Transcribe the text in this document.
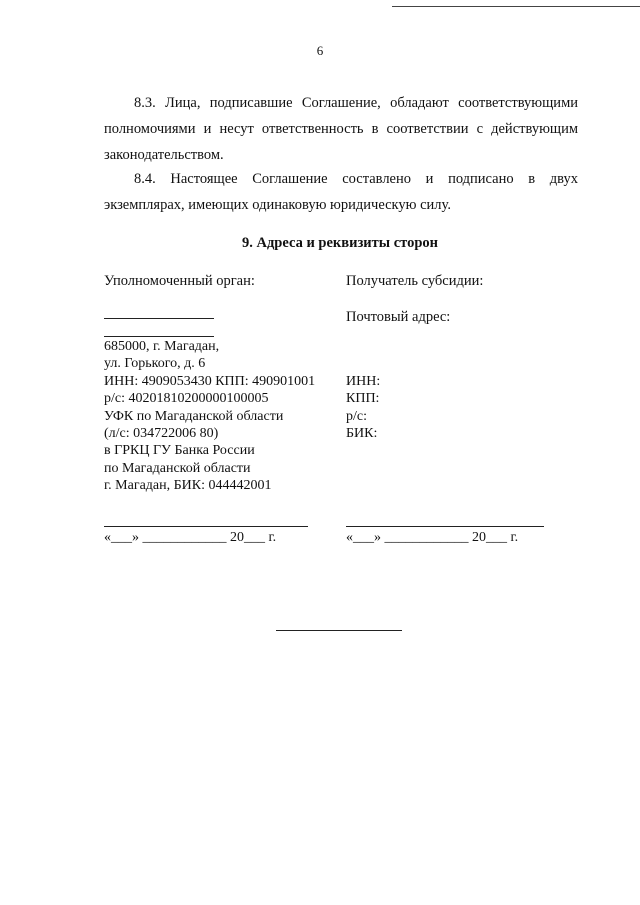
6

8.3. Лица, подписавшие Соглашение, обладают соответствующими полномочиями и несут ответственность в соответствии с действующим законодательством.

8.4. Настоящее Соглашение составлено и подписано в двух экземплярах, имеющих одинаковую юридическую силу.

9. Адреса и реквизиты сторон
Уполномоченный орган:
685000, г. Магадан,
ул. Горького, д. 6
ИНН: 4909053430 КПП: 490901001
р/с: 40201810200000100005
УФК по Магаданской области
(л/с: 034722006 80)
в ГРКЦ ГУ Банка России
по Магаданской области
г. Магадан, БИК: 044442001
Получатель субсидии:
Почтовый адрес:
ИНН:
КПП:
р/с:
БИК:
«___» ____________ 20___ г.	«___» ____________ 20___ г.
